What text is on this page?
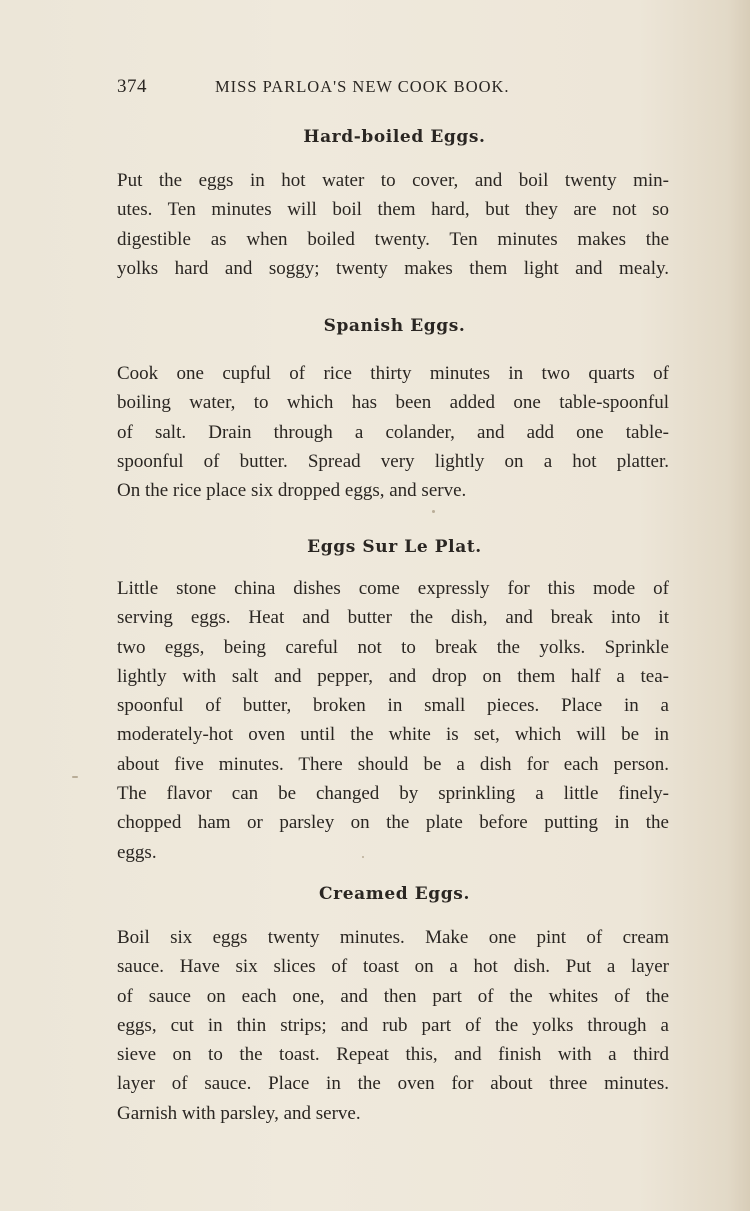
374	MISS PARLOA'S NEW COOK BOOK.
Hard-boiled Eggs.

Put the eggs in hot water to cover, and boil twenty min-
utes. Ten minutes will boil them hard, but they are not so
digestible as when boiled twenty. Ten minutes makes the
yolks hard and soggy; twenty makes them light and mealy.

Spanish Eggs.

Cook one cupful of rice thirty minutes in two quarts of
boiling water, to which has been added one table-spoonful
of salt. Drain through a colander, and add one table-
spoonful of butter. Spread very lightly on a hot platter.
On the rice place six dropped eggs, and serve.

Eggs Sur Le Plat.

Little stone china dishes come expressly for this mode of
serving eggs. Heat and butter the dish, and break into it
two eggs, being careful not to break the yolks. Sprinkle
lightly with salt and pepper, and drop on them half a tea-
spoonful of butter, broken in small pieces. Place in a
moderately-hot oven until the white is set, which will be in
about five minutes. There should be a dish for each person.
The flavor can be changed by sprinkling a little finely-
chopped ham or parsley on the plate before putting in the
eggs.

Creamed Eggs.

Boil six eggs twenty minutes. Make one pint of cream
sauce. Have six slices of toast on a hot dish. Put a layer
of sauce on each one, and then part of the whites of the
eggs, cut in thin strips; and rub part of the yolks through a
sieve on to the toast. Repeat this, and finish with a third
layer of sauce. Place in the oven for about three minutes.
Garnish with parsley, and serve.
